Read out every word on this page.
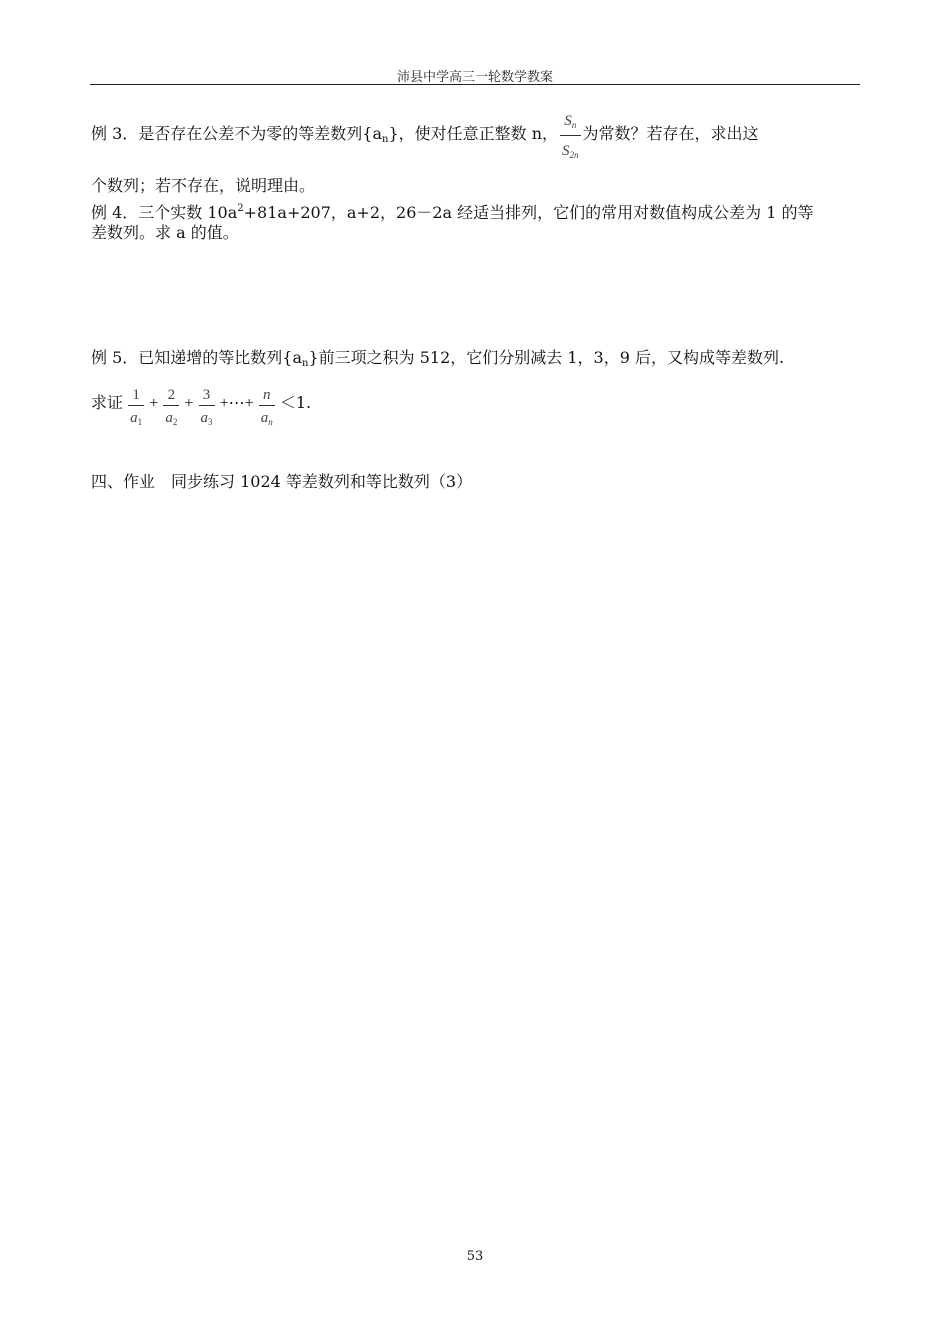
沛县中学高三一轮数学教案
例 3．是否存在公差不为零的等差数列$\{a_n\}$，使对任意正整数 n， $\frac{S_n}{S_{2n}}$ 为常数？若存在，求出这
个数列；若不存在，说明理由。
例 4．三个实数 $10a^2+81a+207$，a+2，26－2a 经适当排列，它们的常用对数值构成公差为 1 的等
差数列。求 a 的值。
例 5．已知递增的等比数列$\{a_n\}$前三项之积为 512，它们分别减去 1，3，9 后，又构成等差数列.
求证 $\frac{1}{a_1} + \frac{2}{a_2} + \frac{3}{a_3}$ +⋯+ $\frac{n}{a_n} <1$.
四、作业　同步练习 1024 等差数列和等比数列（3）
53
